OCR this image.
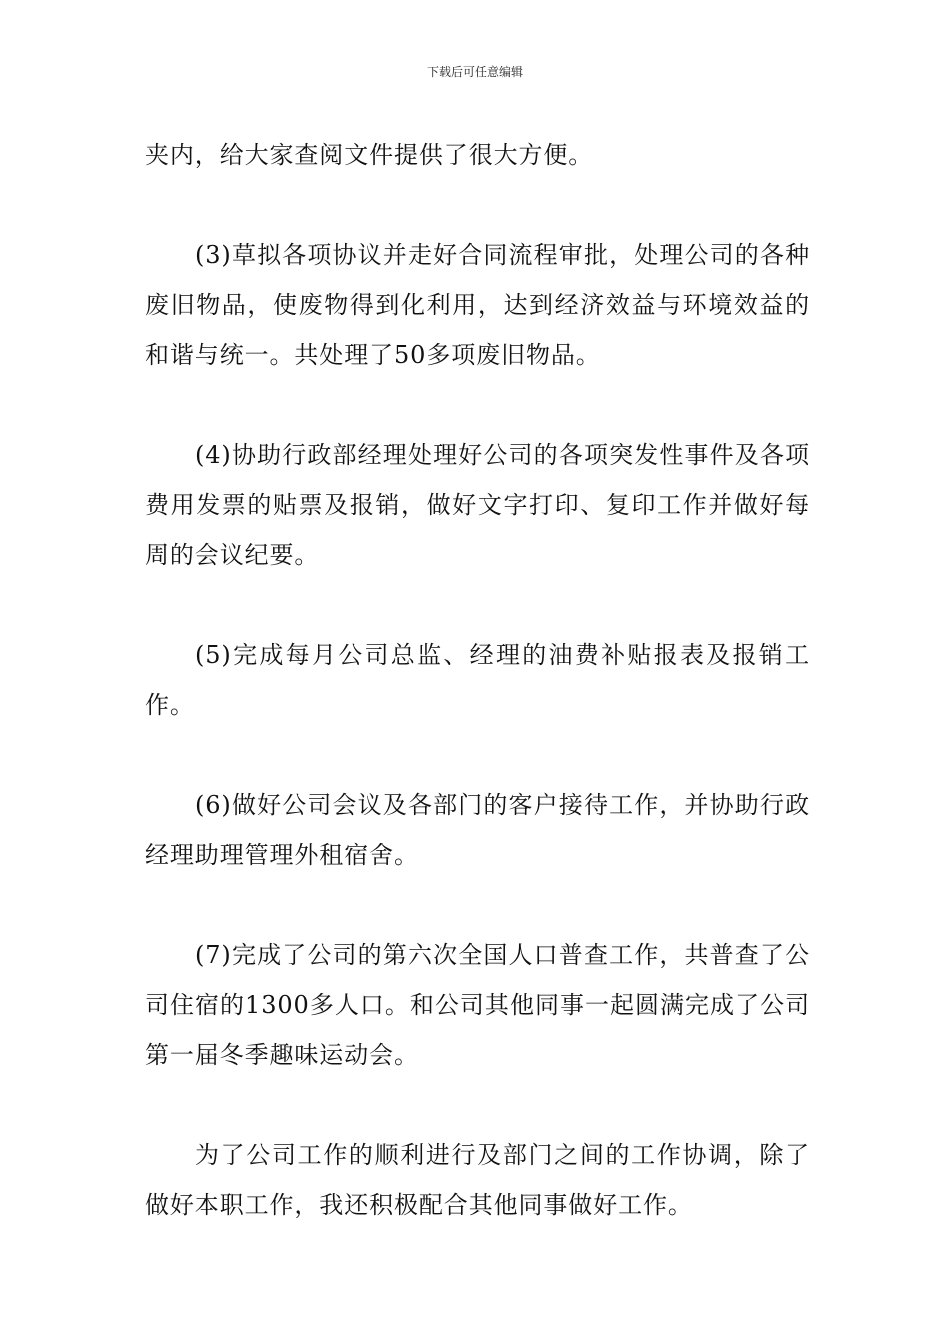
下载后可任意编辑

夹内，给大家查阅文件提供了很大方便。

(3)草拟各项协议并走好合同流程审批，处理公司的各种废旧物品，使废物得到化利用，达到经济效益与环境效益的和谐与统一。共处理了50多项废旧物品。

(4)协助行政部经理处理好公司的各项突发性事件及各项费用发票的贴票及报销，做好文字打印、复印工作并做好每周的会议纪要。

(5)完成每月公司总监、经理的油费补贴报表及报销工作。

(6)做好公司会议及各部门的客户接待工作，并协助行政经理助理管理外租宿舍。

(7)完成了公司的第六次全国人口普查工作，共普查了公司住宿的1300多人口。和公司其他同事一起圆满完成了公司第一届冬季趣味运动会。

为了公司工作的顺利进行及部门之间的工作协调，除了做好本职工作，我还积极配合其他同事做好工作。
